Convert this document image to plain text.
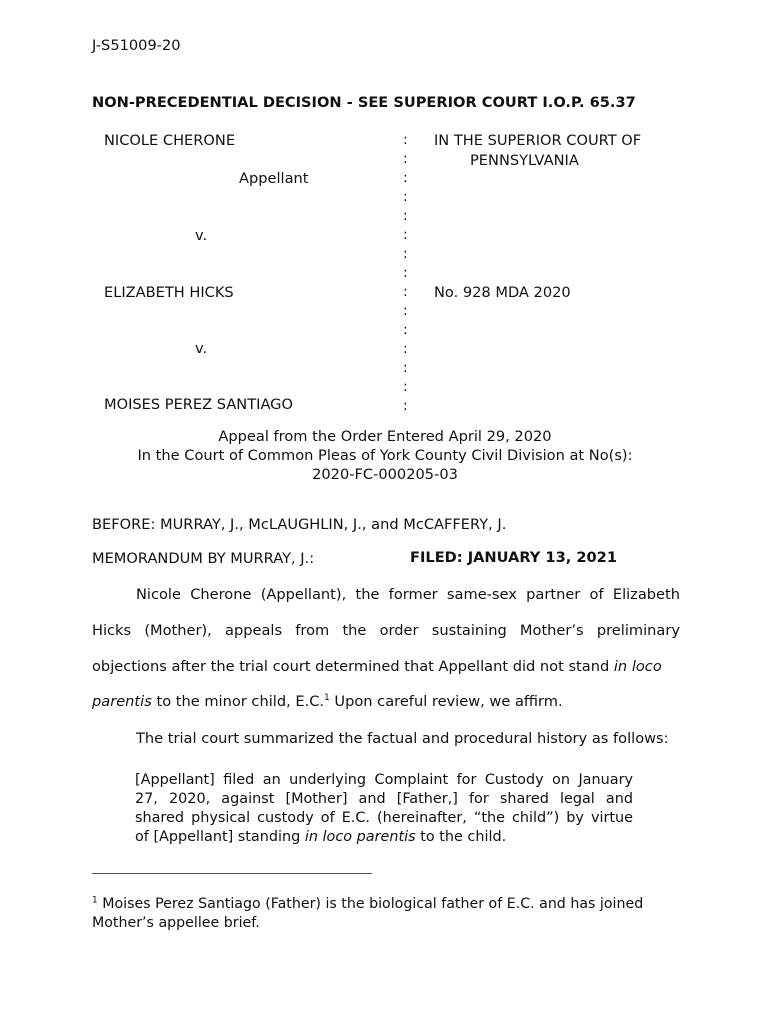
J-S51009-20
NON-PRECEDENTIAL DECISION - SEE SUPERIOR COURT I.O.P. 65.37
NICOLE CHERONE
Appellant
v.
ELIZABETH HICKS
v.
MOISES PEREZ SANTIAGO
:
:
:
:
:
:
:
:
:
:
:
:
:
:
:
IN THE SUPERIOR COURT OF
PENNSYLVANIA
No. 928 MDA 2020
Appeal from the Order Entered April 29, 2020
In the Court of Common Pleas of York County Civil Division at No(s):
2020-FC-000205-03
BEFORE: MURRAY, J., McLAUGHLIN, J., and McCAFFERY, J.
MEMORANDUM BY MURRAY, J.:	FILED: JANUARY 13, 2021
Nicole Cherone (Appellant), the former same-sex partner of Elizabeth
Hicks (Mother), appeals from the order sustaining Mother’s preliminary
objections after the trial court determined that Appellant did not stand in loco
parentis to the minor child, E.C.$^1$ Upon careful review, we affirm.
The trial court summarized the factual and procedural history as follows:
[Appellant] filed an underlying Complaint for Custody on January
27, 2020, against [Mother] and [Father,] for shared legal and
shared physical custody of E.C. (hereinafter, “the child”) by virtue
of [Appellant] standing in loco parentis to the child.
$^1$ Moises Perez Santiago (Father) is the biological father of E.C. and has joined
Mother’s appellee brief.
